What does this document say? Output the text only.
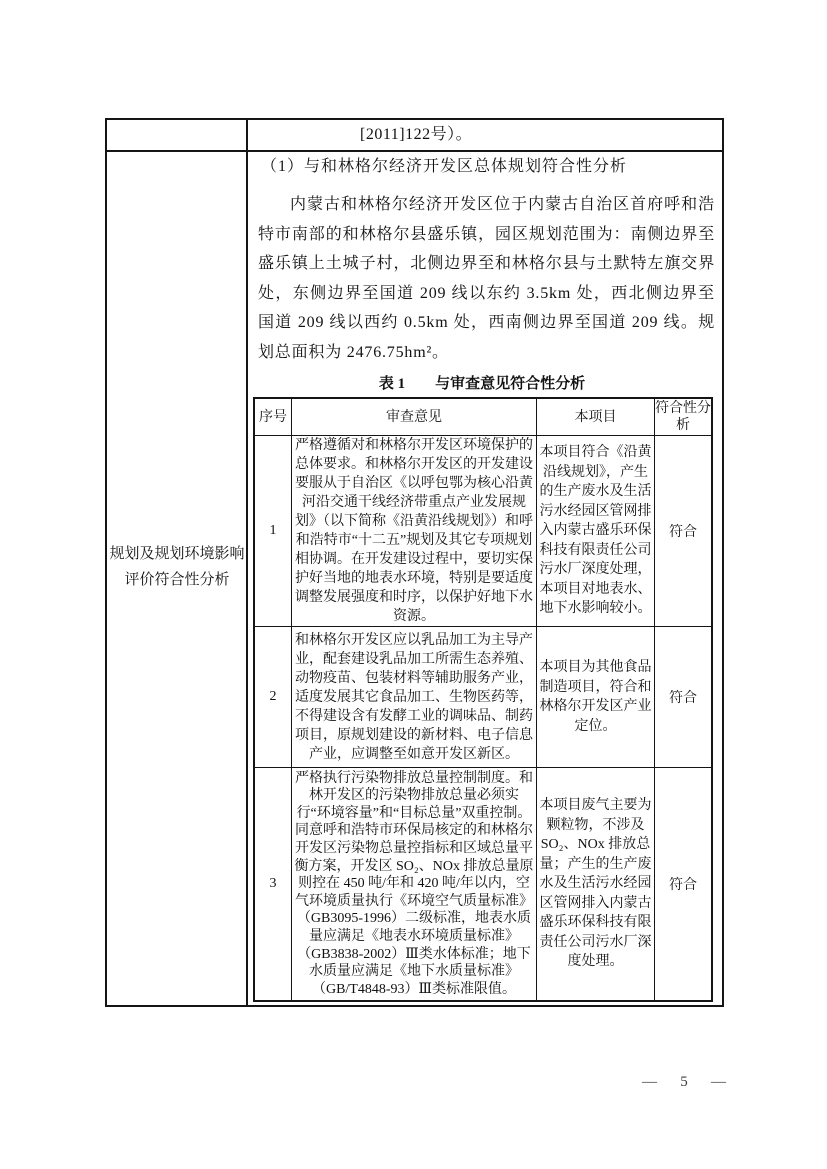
[2011]122号）。
规划及规划环境影响评价符合性分析
（1）与和林格尔经济开发区总体规划符合性分析
内蒙古和林格尔经济开发区位于内蒙古自治区首府呼和浩特市南部的和林格尔县盛乐镇，园区规划范围为：南侧边界至盛乐镇上土城子村，北侧边界至和林格尔县与土默特左旗交界处，东侧边界至国道 209 线以东约 3.5km 处，西北侧边界至国道 209 线以西约 0.5km 处，西南侧边界至国道 209 线。规划总面积为 2476.75hm²。
表 1 与审查意见符合性分析
序号	审查意见	本项目
符合性分析
1
严格遵循对和林格尔开发区环境保护的总体要求。和林格尔开发区的开发建设要服从于自治区《以呼包鄂为核心沿黄河沿交通干线经济带重点产业发展规划》（以下简称《沿黄沿线规划》）和呼和浩特市“十二五”规划及其它专项规划相协调。在开发建设过程中，要切实保护好当地的地表水环境，特别是要适度调整发展强度和时序，以保护好地下水资源。
本项目符合《沿黄沿线规划》，产生的生产废水及生活污水经园区管网排入内蒙古盛乐环保科技有限责任公司污水厂深度处理，本项目对地表水、地下水影响较小。
符合
2
和林格尔开发区应以乳品加工为主导产业，配套建设乳品加工所需生态养殖、动物疫苗、包装材料等辅助服务产业，适度发展其它食品加工、生物医药等，不得建设含有发酵工业的调味品、制药项目，原规划建设的新材料、电子信息产业，应调整至如意开发区新区。
本项目为其他食品制造项目，符合和林格尔开发区产业定位。
符合
3
严格执行污染物排放总量控制制度。和林开发区的污染物排放总量必须实行“环境容量”和“目标总量”双重控制。同意呼和浩特市环保局核定的和林格尔开发区污染物总量控指标和区域总量平衡方案，开发区 SO₂、NOx 排放总量原则控在 450 吨/年和 420 吨/年以内，空气环境质量执行《环境空气质量标准》（GB3095-1996）二级标准，地表水质量应满足《地表水环境质量标准》（GB3838-2002）Ⅲ类水体标准；地下水质量应满足《地下水质量标准》（GB/T4848-93）Ⅲ类标准限值。
本项目废气主要为颗粒物，不涉及SO₂、NOx 排放总量；产生的生产废水及生活污水经园区管网排入内蒙古盛乐环保科技有限责任公司污水厂深度处理。
符合
— 5 —
